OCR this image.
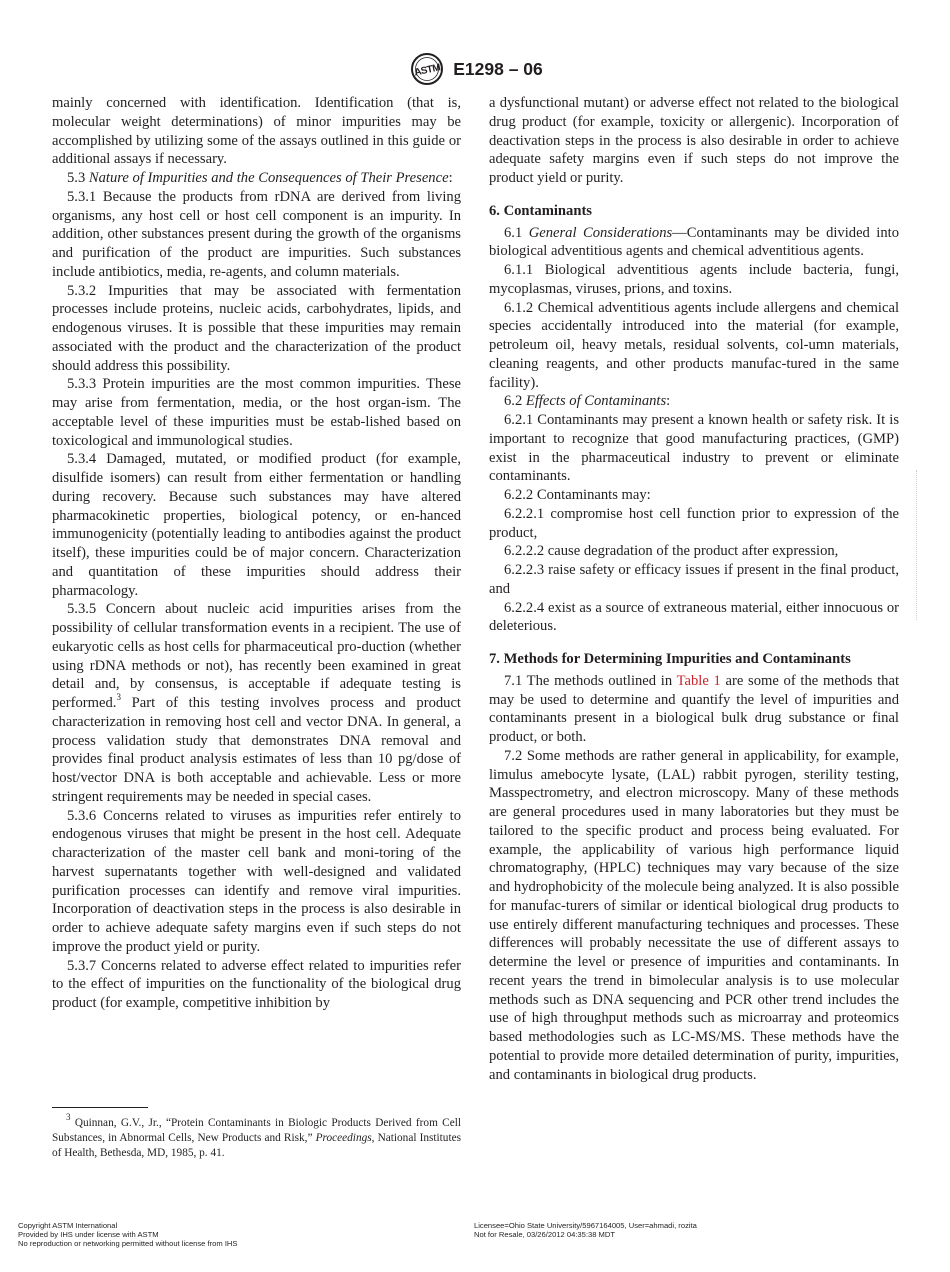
ASTM E1298 – 06

mainly concerned with identification. Identification (that is, molecular weight determinations) of minor impurities may be accomplished by utilizing some of the assays outlined in this guide or additional assays if necessary.

5.3 Nature of Impurities and the Consequences of Their Presence:

5.3.1 Because the products from rDNA are derived from living organisms, any host cell or host cell component is an impurity. In addition, other substances present during the growth of the organisms and purification of the product are impurities. Such substances include antibiotics, media, re-agents, and column materials.

5.3.2 Impurities that may be associated with fermentation processes include proteins, nucleic acids, carbohydrates, lipids, and endogenous viruses. It is possible that these impurities may remain associated with the product and the characterization of the product should address this possibility.

5.3.3 Protein impurities are the most common impurities. These may arise from fermentation, media, or the host organ-ism. The acceptable level of these impurities must be estab-lished based on toxicological and immunological studies.

5.3.4 Damaged, mutated, or modified product (for example, disulfide isomers) can result from either fermentation or handling during recovery. Because such substances may have altered pharmacokinetic properties, biological potency, or en-hanced immunogenicity (potentially leading to antibodies against the product itself), these impurities could be of major concern. Characterization and quantitation of these impurities should address their pharmacology.

5.3.5 Concern about nucleic acid impurities arises from the possibility of cellular transformation events in a recipient. The use of eukaryotic cells as host cells for pharmaceutical pro-duction (whether using rDNA methods or not), has recently been examined in great detail and, by consensus, is acceptable if adequate testing is performed.$^3$ Part of this testing involves process and product characterization in removing host cell and vector DNA. In general, a process validation study that demonstrates DNA removal and provides final product analysis estimates of less than 10 pg/dose of host/vector DNA is both acceptable and achievable. Less or more stringent requirements may be needed in special cases.

5.3.6 Concerns related to viruses as impurities refer entirely to endogenous viruses that might be present in the host cell. Adequate characterization of the master cell bank and moni-toring of the harvest supernatants together with well-designed and validated purification processes can identify and remove viral impurities. Incorporation of deactivation steps in the process is also desirable in order to achieve adequate safety margins even if such steps do not improve the product yield or purity.

5.3.7 Concerns related to adverse effect related to impurities refer to the effect of impurities on the functionality of the biological drug product (for example, competitive inhibition by

$^3$ Quinnan, G.V., Jr., “Protein Contaminants in Biologic Products Derived from Cell Substances, in Abnormal Cells, New Products and Risk,” Proceedings, National Institutes of Health, Bethesda, MD, 1985, p. 41.

a dysfunctional mutant) or adverse effect not related to the biological drug product (for example, toxicity or allergenic). Incorporation of deactivation steps in the process is also desirable in order to achieve adequate safety margins even if such steps do not improve the product yield or purity.

6. Contaminants

6.1 General Considerations—Contaminants may be divided into biological adventitious agents and chemical adventitious agents.

6.1.1 Biological adventitious agents include bacteria, fungi, mycoplasmas, viruses, prions, and toxins.

6.1.2 Chemical adventitious agents include allergens and chemical species accidentally introduced into the material (for example, petroleum oil, heavy metals, residual solvents, col-umn materials, cleaning reagents, and other products manufac-tured in the same facility).

6.2 Effects of Contaminants:

6.2.1 Contaminants may present a known health or safety risk. It is important to recognize that good manufacturing practices, (GMP) exist in the pharmaceutical industry to prevent or eliminate contaminants.

6.2.2 Contaminants may:

6.2.2.1 compromise host cell function prior to expression of the product,

6.2.2.2 cause degradation of the product after expression,

6.2.2.3 raise safety or efficacy issues if present in the final product, and

6.2.2.4 exist as a source of extraneous material, either innocuous or deleterious.

7. Methods for Determining Impurities and Contaminants

7.1 The methods outlined in Table 1 are some of the methods that may be used to determine and quantify the level of impurities and contaminants present in a biological bulk drug substance or final product, or both.

7.2 Some methods are rather general in applicability, for example, limulus amebocyte lysate, (LAL) rabbit pyrogen, sterility testing, Masspectrometry, and electron microscopy. Many of these methods are general procedures used in many laboratories but they must be tailored to the specific product and process being evaluated. For example, the applicability of various high performance liquid chromatography, (HPLC) techniques may vary because of the size and hydrophobicity of the molecule being analyzed. It is also possible for manufac-turers of similar or identical biological drug products to use entirely different manufacturing techniques and processes. These differences will probably necessitate the use of different assays to determine the level or presence of impurities and contaminants. In recent years the trend in bimolecular analysis is to use molecular methods such as DNA sequencing and PCR other trend includes the use of high throughput methods such as microarray and proteomics based methodologies such as LC-MS/MS. These methods have the potential to provide more detailed determination of purity, impurities, and contaminants in biological drug products.

Copyright ASTM International
Provided by IHS under license with ASTM
No reproduction or networking permitted without license from IHS
Licensee=Ohio State University/5967164005, User=ahmadi, rozita
Not for Resale, 03/26/2012 04:35:38 MDT
